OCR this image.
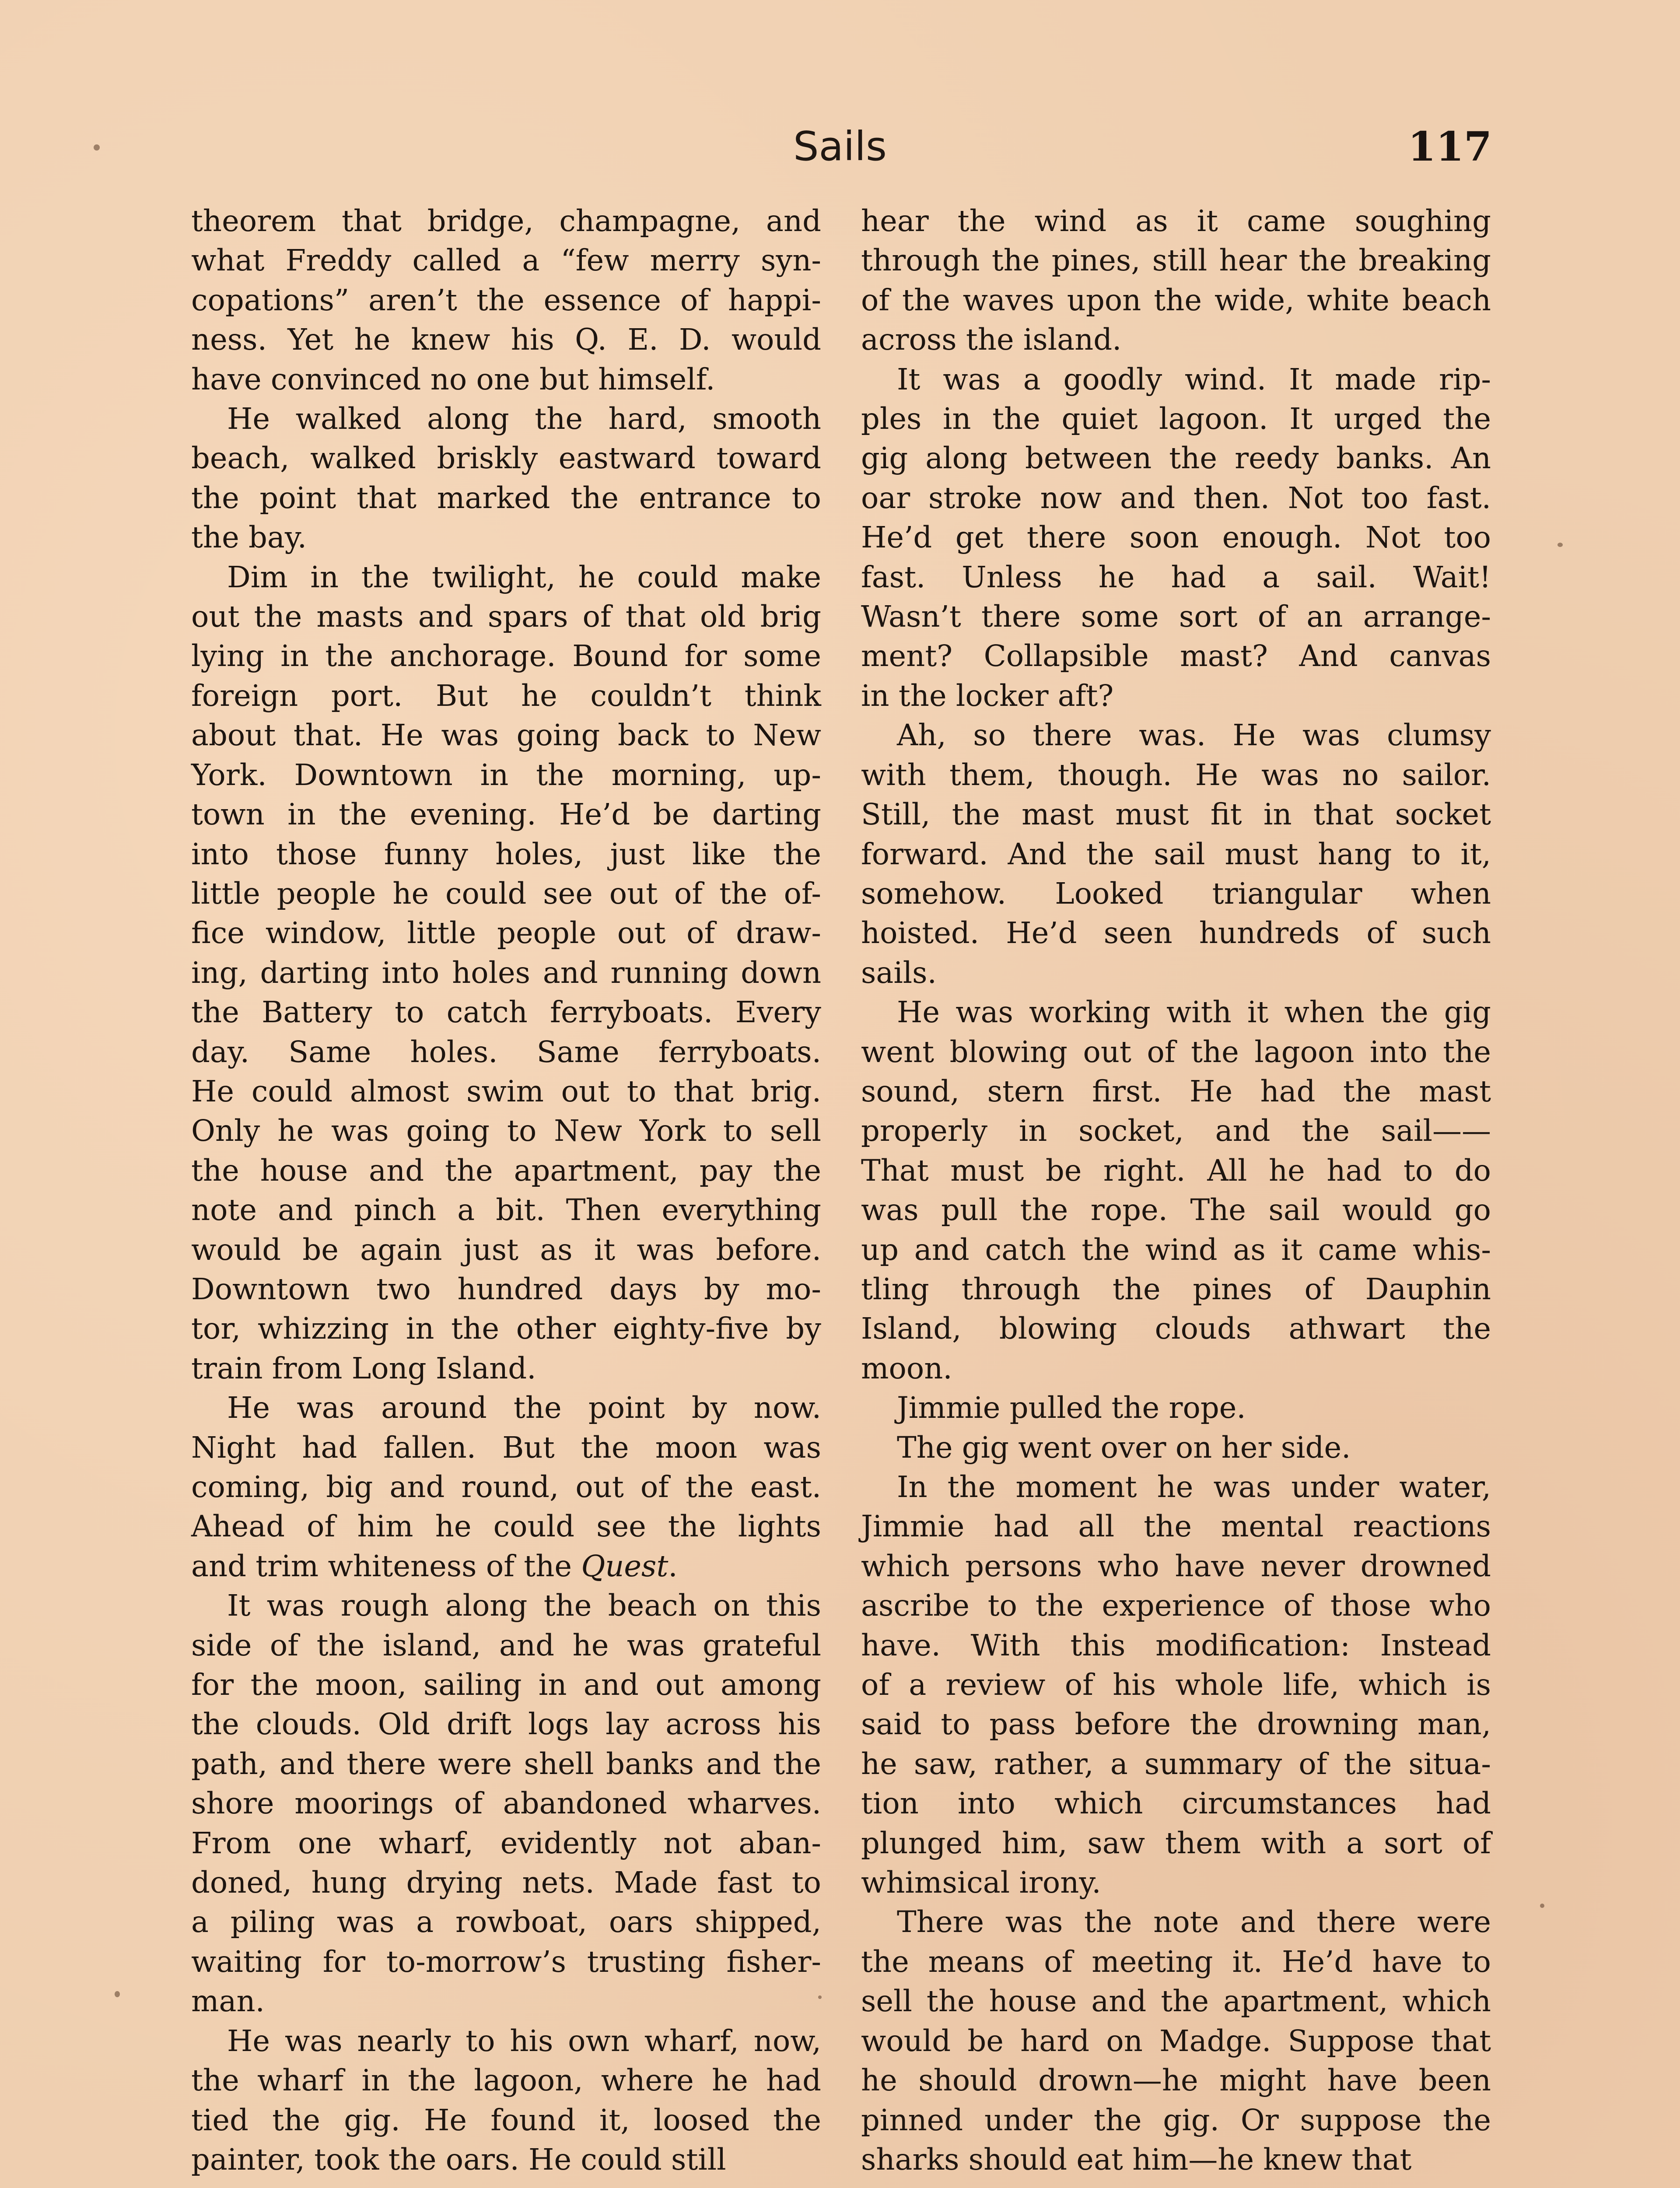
Sails	117

theorem that bridge, champagne, and
what Freddy called a “few merry syn-
copations” aren’t the essence of happi-
ness. Yet he knew his Q. E. D. would
have convinced no one but himself.

He walked along the hard, smooth
beach, walked briskly eastward toward
the point that marked the entrance to
the bay.

Dim in the twilight, he could make
out the masts and spars of that old brig
lying in the anchorage. Bound for some
foreign port. But he couldn’t think
about that. He was going back to New
York. Downtown in the morning, up-
town in the evening. He’d be darting
into those funny holes, just like the
little people he could see out of the of-
fice window, little people out of draw-
ing, darting into holes and running down
the Battery to catch ferryboats. Every
day. Same holes. Same ferryboats.
He could almost swim out to that brig.
Only he was going to New York to sell
the house and the apartment, pay the
note and pinch a bit. Then everything
would be again just as it was before.
Downtown two hundred days by mo-
tor, whizzing in the other eighty-five by
train from Long Island.

He was around the point by now.
Night had fallen. But the moon was
coming, big and round, out of the east.
Ahead of him he could see the lights
and trim whiteness of the Quest.

It was rough along the beach on this
side of the island, and he was grateful
for the moon, sailing in and out among
the clouds. Old drift logs lay across his
path, and there were shell banks and the
shore moorings of abandoned wharves.
From one wharf, evidently not aban-
doned, hung drying nets. Made fast to
a piling was a rowboat, oars shipped,
waiting for to-morrow’s trusting fisher-
man.

He was nearly to his own wharf, now,
the wharf in the lagoon, where he had
tied the gig. He found it, loosed the
painter, took the oars. He could still

hear the wind as it came soughing
through the pines, still hear the breaking
of the waves upon the wide, white beach
across the island.

It was a goodly wind. It made rip-
ples in the quiet lagoon. It urged the
gig along between the reedy banks. An
oar stroke now and then. Not too fast.
He’d get there soon enough. Not too
fast. Unless he had a sail. Wait!
Wasn’t there some sort of an arrange-
ment? Collapsible mast? And canvas
in the locker aft?

Ah, so there was. He was clumsy
with them, though. He was no sailor.
Still, the mast must fit in that socket
forward. And the sail must hang to it,
somehow. Looked triangular when
hoisted. He’d seen hundreds of such
sails.

He was working with it when the gig
went blowing out of the lagoon into the
sound, stern first. He had the mast
properly in socket, and the sail——
That must be right. All he had to do
was pull the rope. The sail would go
up and catch the wind as it came whis-
tling through the pines of Dauphin
Island, blowing clouds athwart the
moon.

Jimmie pulled the rope.

The gig went over on her side.

In the moment he was under water,
Jimmie had all the mental reactions
which persons who have never drowned
ascribe to the experience of those who
have. With this modification: Instead
of a review of his whole life, which is
said to pass before the drowning man,
he saw, rather, a summary of the situa-
tion into which circumstances had
plunged him, saw them with a sort of
whimsical irony.

There was the note and there were
the means of meeting it. He’d have to
sell the house and the apartment, which
would be hard on Madge. Suppose that
he should drown—he might have been
pinned under the gig. Or suppose the
sharks should eat him—he knew that
